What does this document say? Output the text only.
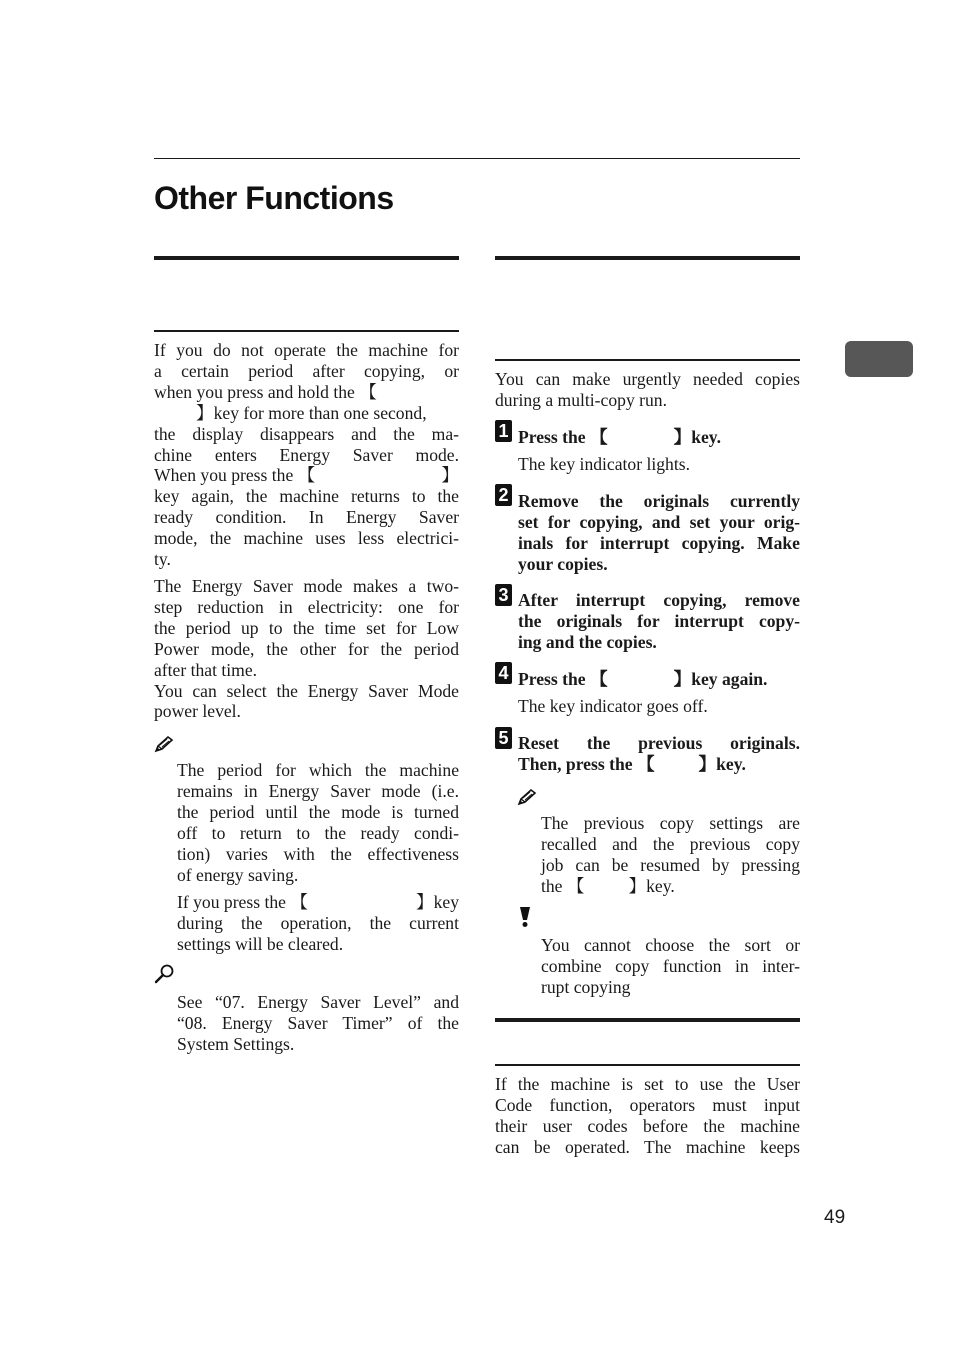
Other Functions
If you do not operate the machine for
a certain period after copying, or
when you press and hold the 【
】key for more than one second,
the display disappears and the ma-
chine enters Energy Saver mode.
When you press the 【	】
key again, the machine returns to the
ready condition. In Energy Saver
mode, the machine uses less electrici-
ty.
The Energy Saver mode makes a two-
step reduction in electricity: one for
the period up to the time set for Low
Power mode, the other for the period
after that time.
You can select the Energy Saver Mode
power level.
The period for which the machine
remains in Energy Saver mode (i.e.
the period until the mode is turned
off to return to the ready condi-
tion) varies with the effectiveness
of energy saving.
If you press the 【	】key
during the operation, the current
settings will be cleared.
See “07. Energy Saver Level” and
“08. Energy Saver Timer” of the
System Settings.
You can make urgently needed copies
during a multi-copy run.
1 Press the 【	】key.
The key indicator lights.
2 Remove the originals currently
set for copying, and set your orig-
inals for interrupt copying. Make
your copies.
3 After interrupt copying, remove
the originals for interrupt copy-
ing and the copies.
4 Press the 【	】key again.
The key indicator goes off.
5 Reset the previous originals.
Then, press the 【	】key.
The previous copy settings are
recalled and the previous copy
job can be resumed by pressing
the 【	】key.
You cannot choose the sort or
combine copy function in inter-
rupt copying
If the machine is set to use the User
Code function, operators must input
their user codes before the machine
can be operated. The machine keeps
49
